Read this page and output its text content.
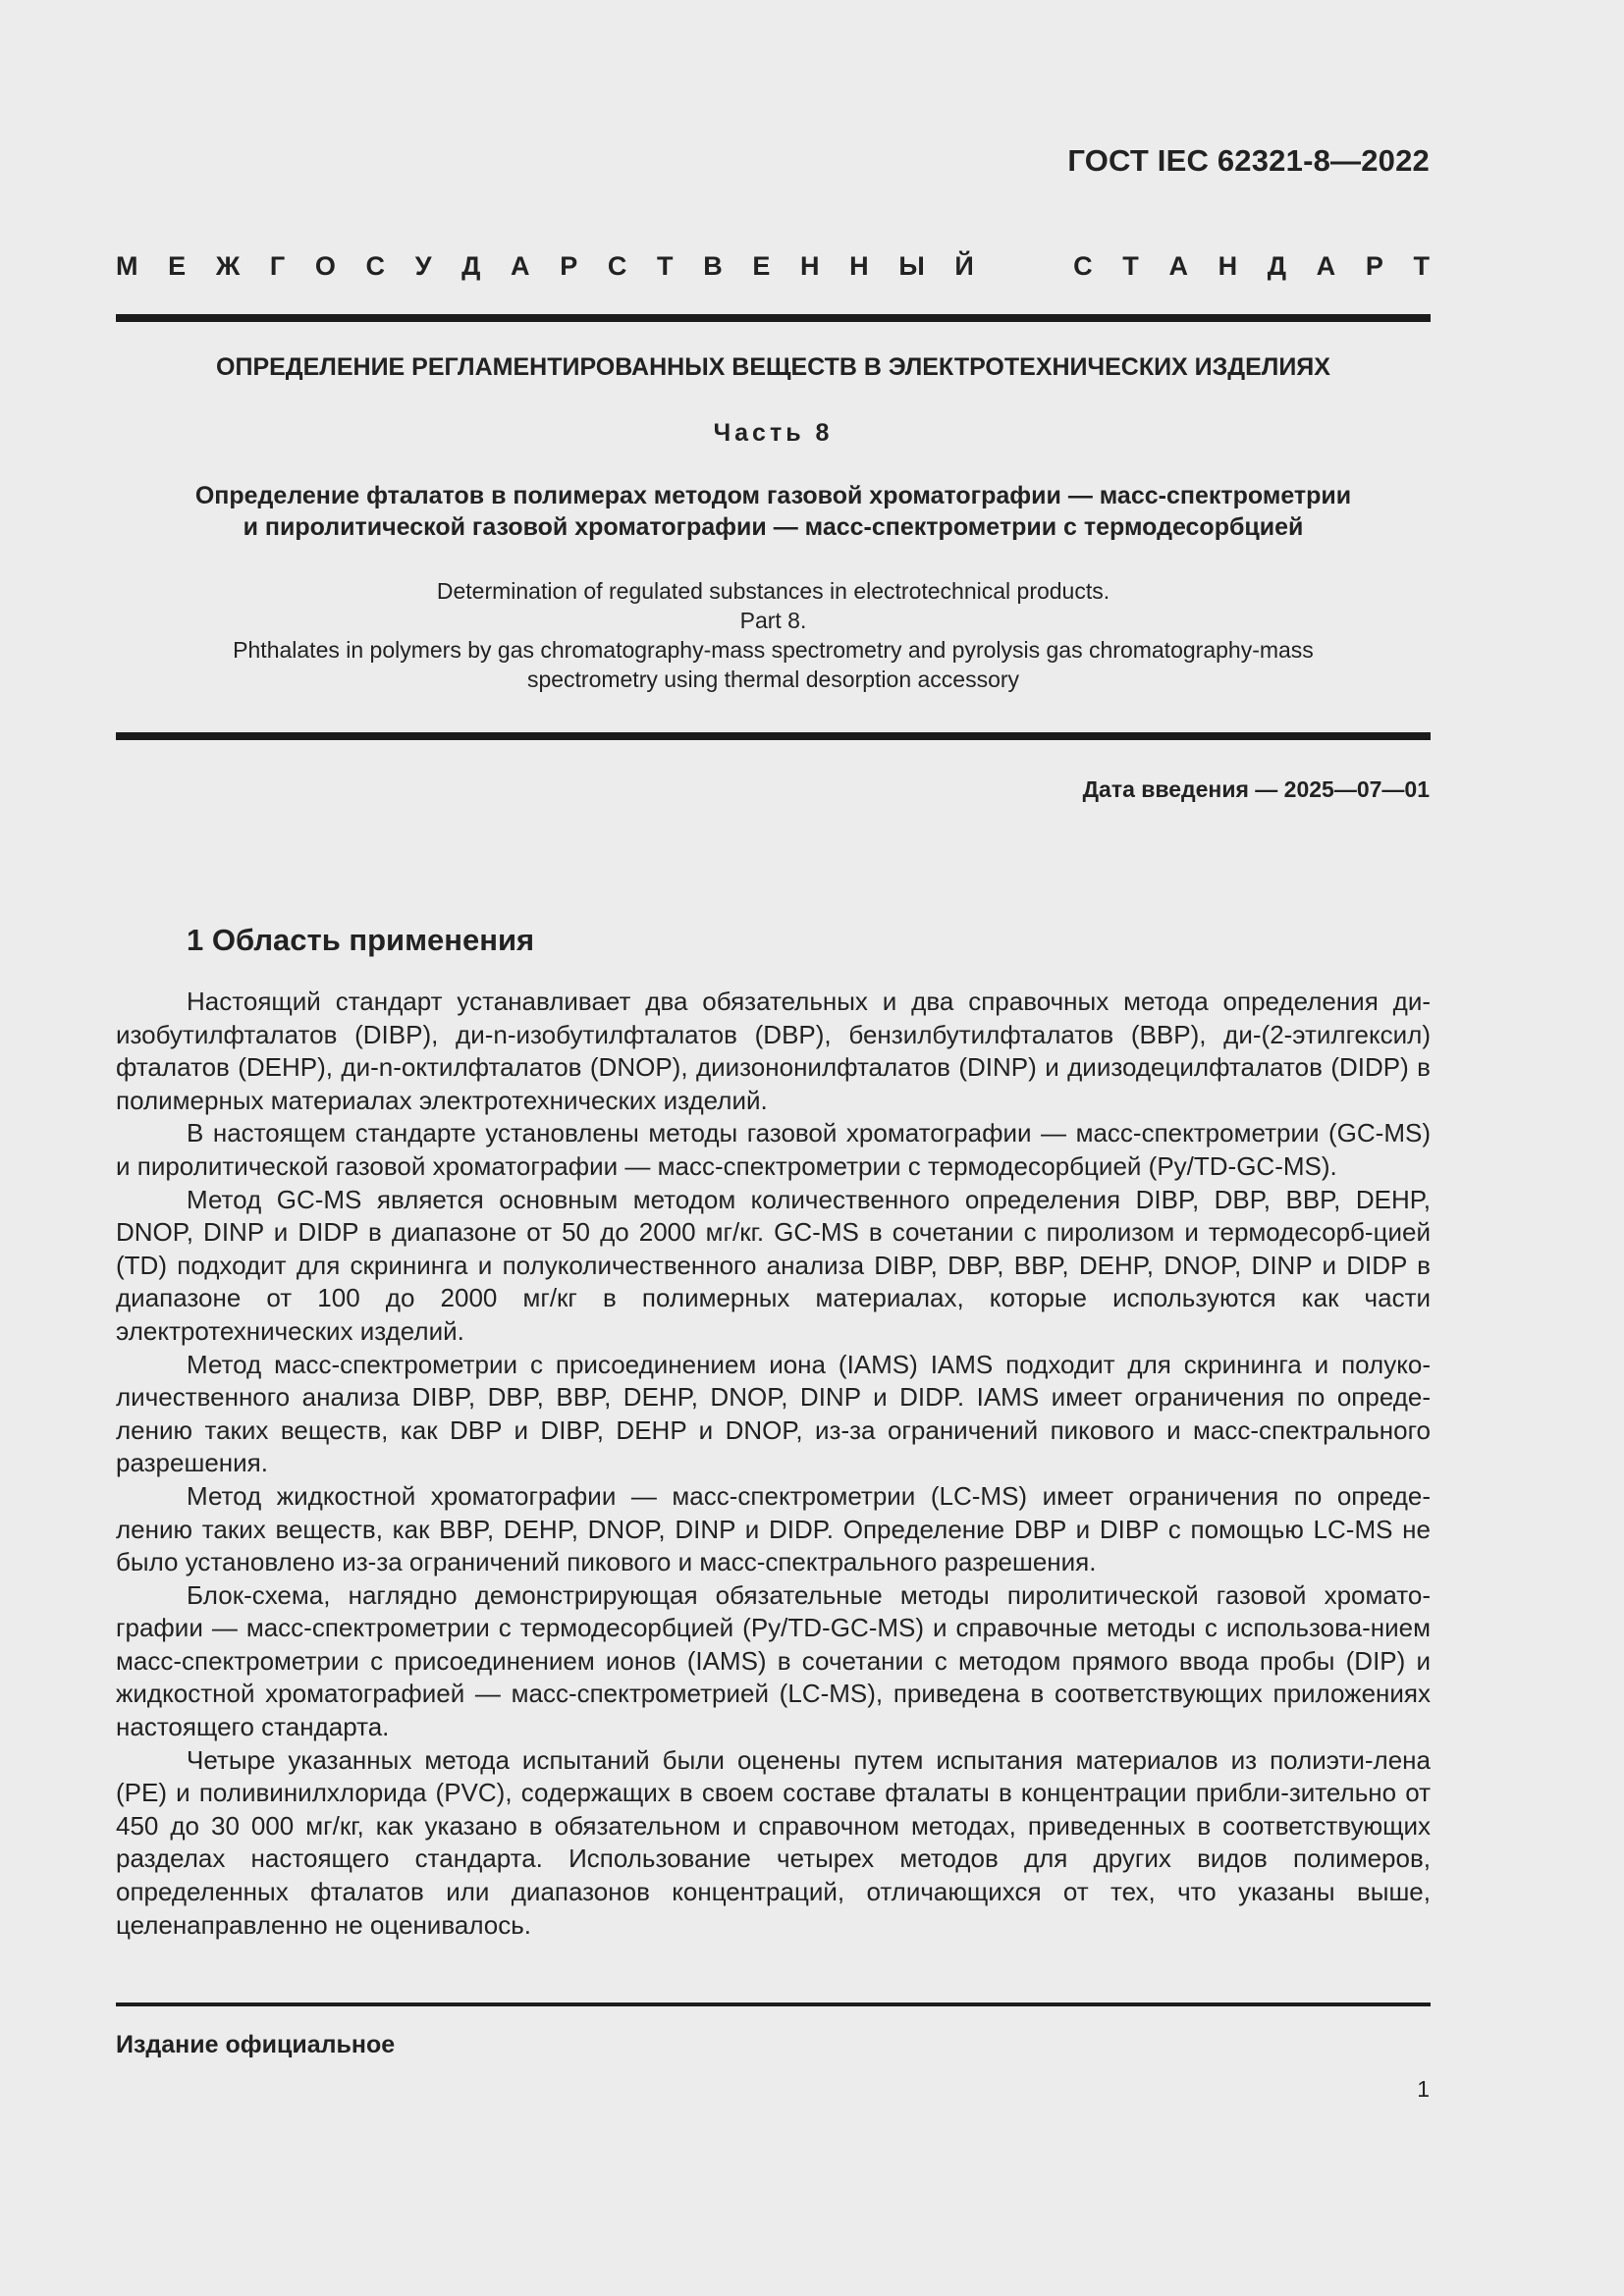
ГОСТ IEC 62321-8—2022
М Е Ж Г О С У Д А Р С Т В Е Н Н Ы Й	С Т А Н Д А Р Т
ОПРЕДЕЛЕНИЕ РЕГЛАМЕНТИРОВАННЫХ ВЕЩЕСТВ В ЭЛЕКТРОТЕХНИЧЕСКИХ ИЗДЕЛИЯХ
Часть 8
Определение фталатов в полимерах методом газовой хроматографии — масс-спектрометрии
и пиролитической газовой хроматографии — масс-спектрометрии с термодесорбцией
Determination of regulated substances in electrotechnical products.
Part 8.
Phthalates in polymers by gas chromatography-mass spectrometry and pyrolysis gas chromatography-mass
spectrometry using thermal desorption accessory
Дата введения — 2025—07—01
1 Область применения

Настоящий стандарт устанавливает два обязательных и два справочных метода определения ди-изобутилфталатов (DIBP), ди-n-изобутилфталатов (DBP), бензилбутилфталатов (BBP), ди-(2-этилгексил) фталатов (DEHP), ди-n-октилфталатов (DNOP), диизононилфталатов (DINP) и диизодецилфталатов (DIDP) в полимерных материалах электротехнических изделий.

В настоящем стандарте установлены методы газовой хроматографии — масс-спектрометрии (GC-MS) и пиролитической газовой хроматографии — масс-спектрометрии с термодесорбцией (Py/TD-GC-MS).

Метод GC-MS является основным методом количественного определения DIBP, DBP, BBP, DEHP, DNOP, DINP и DIDP в диапазоне от 50 до 2000 мг/кг. GC-MS в сочетании с пиролизом и термодесорб-цией (TD) подходит для скрининга и полуколичественного анализа DIBP, DBP, BBP, DEHP, DNOP, DINP и DIDP в диапазоне от 100 до 2000 мг/кг в полимерных материалах, которые используются как части электротехнических изделий.

Метод масс-спектрометрии с присоединением иона (IAMS) IAMS подходит для скрининга и полуко-личественного анализа DIBP, DBP, BBP, DEHP, DNOP, DINP и DIDP. IAMS имеет ограничения по опреде-лению таких веществ, как DBP и DIBP, DEHP и DNOP, из-за ограничений пикового и масс-спектрального разрешения.

Метод жидкостной хроматографии — масс-спектрометрии (LC-MS) имеет ограничения по опреде-лению таких веществ, как BBP, DEHP, DNOP, DINP и DIDP. Определение DBP и DIBP с помощью LC-MS не было установлено из-за ограничений пикового и масс-спектрального разрешения.

Блок-схема, наглядно демонстрирующая обязательные методы пиролитической газовой хромато-графии — масс-спектрометрии с термодесорбцией (Py/TD-GC-MS) и справочные методы с использова-нием масс-спектрометрии с присоединением ионов (IAMS) в сочетании с методом прямого ввода пробы (DIP) и жидкостной хроматографией — масс-спектрометрией (LC-MS), приведена в соответствующих приложениях настоящего стандарта.

Четыре указанных метода испытаний были оценены путем испытания материалов из полиэти-лена (PE) и поливинилхлорида (PVC), содержащих в своем составе фталаты в концентрации прибли-зительно от 450 до 30 000 мг/кг, как указано в обязательном и справочном методах, приведенных в соответствующих разделах настоящего стандарта. Использование четырех методов для других видов полимеров, определенных фталатов или диапазонов концентраций, отличающихся от тех, что указаны выше, целенаправленно не оценивалось.

Издание официальное
1
